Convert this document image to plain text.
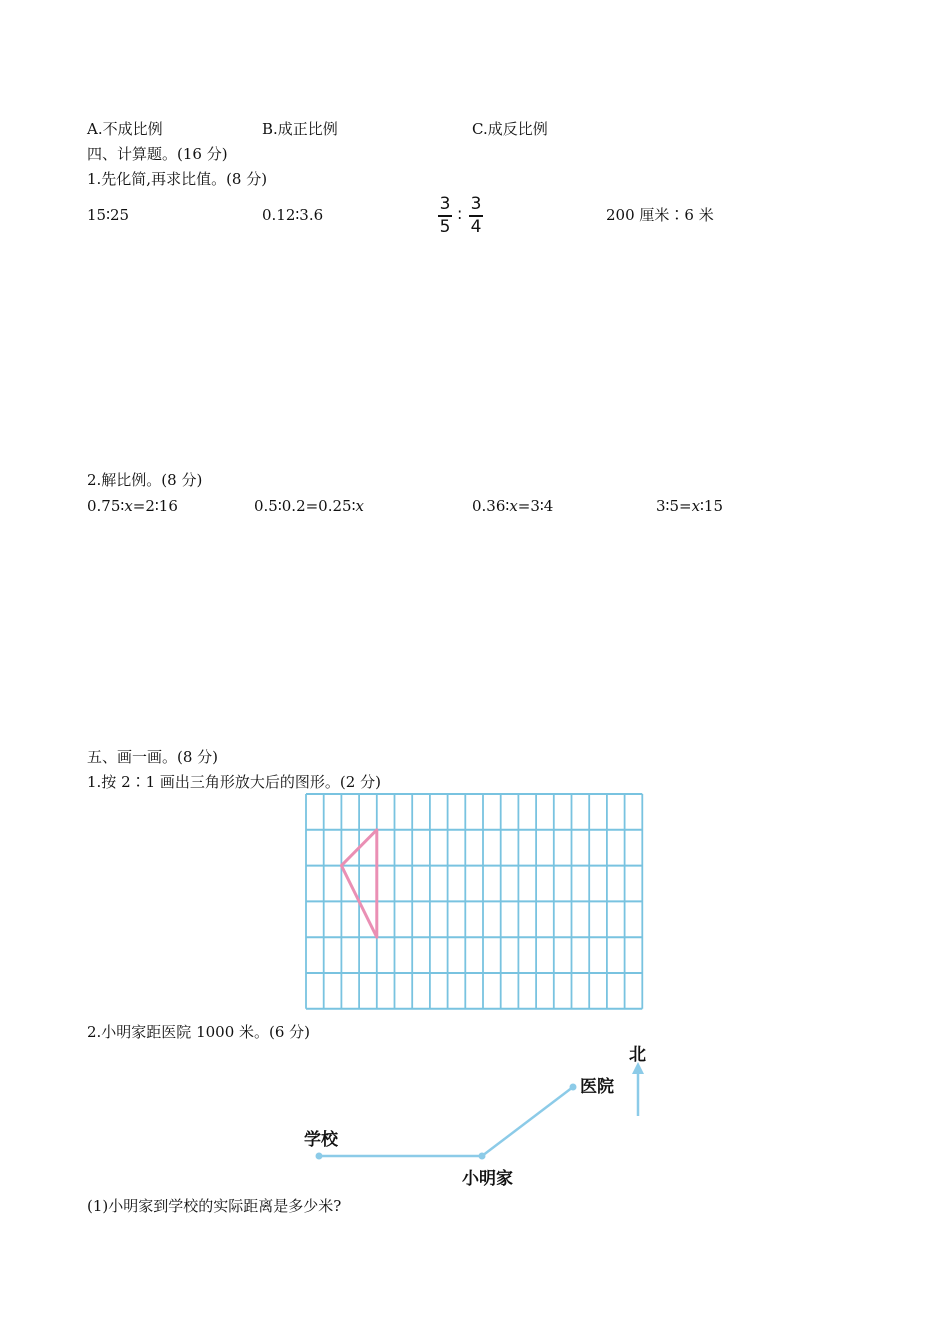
A.不成比例	B.成正比例	C.成反比例
四、计算题。(16 分)
1.先化简,再求比值。(8 分)
15∶25	0.12∶3.6
3
5
: 3
4
200 厘米∶6 米
2.解比例。(8 分)
0.75∶x=2∶16	0.5∶0.2=0.25∶x	0.36∶x=3∶4	3∶5=x∶15
五、画一画。(8 分)
1.按 2∶1 画出三角形放大后的图形。(2 分)
北
医院
学校
小明家
2.小明家距医院 1000 米。(6 分)
(1)小明家到学校的实际距离是多少米?
